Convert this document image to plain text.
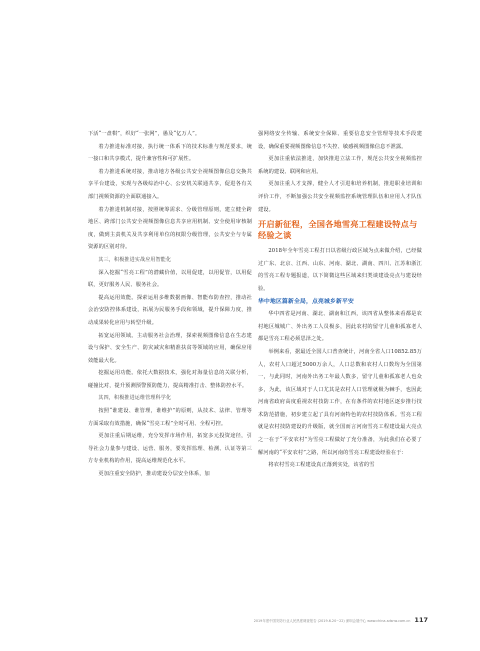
下活“一盘棋”，织好“一张网”，愚及“亿万人”。

着力推进标准对接，执行统一体系下的技术标准与规范要求，统一接口和共享模式，提升兼容性和可扩展性。

着力推进系统对接，推动地方各级公共安全视频图像信息交换共享平台建设，实现与各级综治中心、公安机关联通共享，促进各有关部门视频资源的全面联通接入。

着力推进机制对接，按照统筹需求、分级管理原则，建立健全跨地区、跨部门公共安全视频图像信息共享应用机制、安全使用审核制度，做到主责机关及共享利用单位的权限分级管理，公共安全与专属资源的区别对待。

其三，积极推进实战应用智能化

深入挖掘“雪亮工程”的潜藏价值，以用促建，以用促管，以用促联，更好服务人民、服务社会。

提高运用效能。探索运用多维数据画像、智能布防查控，推动社会治安防控体系建设，拓展为民服务手段和领域，提升保障力度，推动成果转化应用与转型升级。

拓宽运用领域。主动服务社会治理，探索视频图像信息在生态建设与保护、安全生产、防灾减灾和精准扶贫等领域的应用，确保应用效能最大化。

挖掘运用功能。依托大数据技术，强化对海量信息的关联分析，碰撞比对，提升预测预警预防能力，提高精准打击、整体防控水平。

其四，积极推进运维管理科学化

按照“谁建设、谁管理，谁维护”的原则，从技术、法律、管理等方面采取有效措施，确保“雪亮工程”全时可用、全程可控。

更加注重后期运维，充分发挥市场作用，拓宽多元投资途径，引导社会力量参与建设、运营、服务，要发挥监理、检测、认证等第三方专业机构的作用，提高运维规范化水平。

更加注重安全防护，推动建设分层安全体系，加

强网络安全传输、系统安全保障、重要信息安全管理等技术手段建设，确保重要视频图像信息不失控、敏感视频图像信息不泄露。

更加注重依法推进，加快推进立法工作，规范公共安全视频监控系统的建设、联网和应用。

更加注重人才支撑，健全人才引进和培养机制，推进职业培训和评价工作，不断加强公共安全视频监控系统管理队伍和应用人才队伍建设。

开启新征程，全国各地雪亮工程建设特点与经验之谈

2018年全年雪亮工程打日以省级行政区域为点来做介绍，已经做过广东、北京、江西、山东、河南、湖北、湖南、四川、江苏和浙江的雪亮工程专题报道，以下简微这些区域来归类谈建设亮点与建设经验。

华中地区篇新全局，点亮城乡新平安

华中四省是河南、湖北、湖南和江西，该四省从整体来看都是农村地区城城广、外出务工人员极多，因此农村的留守儿童和孤寡老人都是雪亮工程必须思泽之处。

举例来看，据最近全国人口普查统计，河南全省人口10852.85万人，农村人口超过5000万余人，人口总数和农村人口数均为全国第一，与此同时，河南外出务工年最人数多，留守儿童和孤寡老人也众多，为此，该区域对于人口尤其是农村人口管理就极为棘手，也因此河南省政府高度重视农村技防工作，在有条件的农村地区逐步推行技术防范措施，初步建立起了具有河南特色的农村技防体系。雪亮工程就是农村技防建设的升级版，就全国而言河南雪亮工程建设最大亮点之一在于“平安农村”为雪亮工程做好了充分准备，为此我们在必要了解河南的“平安农村”之路，所以河南的雪亮工程建设经验在于：

将农村雪亮工程建设真正落到实处，该省的雪

2019年度中国安防行业人民热度调查报告 (2019.6.20~22) 深圳会展中心 www.china-sdsnw.com.cn 117
